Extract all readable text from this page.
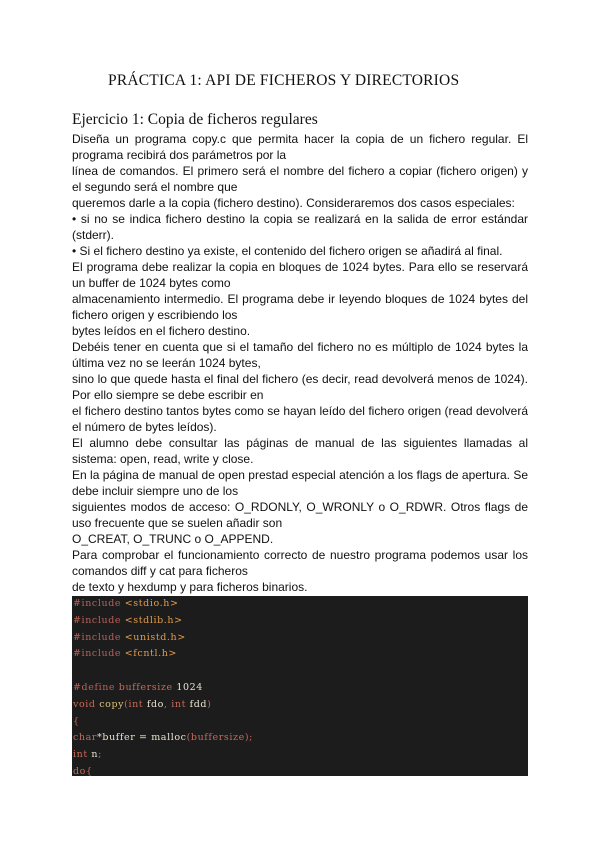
PRÁCTICA 1: API DE FICHEROS Y DIRECTORIOS
Ejercicio 1: Copia de ficheros regulares

Diseña un programa copy.c que permita hacer la copia de un fichero regular. El programa recibirá dos parámetros por la

línea de comandos. El primero será el nombre del fichero a copiar (fichero origen) y el segundo será el nombre que

queremos darle a la copia (fichero destino). Consideraremos dos casos especiales:

• si no se indica fichero destino la copia se realizará en la salida de error estándar (stderr).

• Si el fichero destino ya existe, el contenido del fichero origen se añadirá al final.

El programa debe realizar la copia en bloques de 1024 bytes. Para ello se reservará un buffer de 1024 bytes como

almacenamiento intermedio. El programa debe ir leyendo bloques de 1024 bytes del fichero origen y escribiendo los

bytes leídos en el fichero destino.

Debéis tener en cuenta que si el tamaño del fichero no es múltiplo de 1024 bytes la última vez no se leerán 1024 bytes,

sino lo que quede hasta el final del fichero (es decir, read devolverá menos de 1024). Por ello siempre se debe escribir en

el fichero destino tantos bytes como se hayan leído del fichero origen (read devolverá el número de bytes leídos).

El alumno debe consultar las páginas de manual de las siguientes llamadas al sistema: open, read, write y close.

En la página de manual de open prestad especial atención a los flags de apertura. Se debe incluir siempre uno de los

siguientes modos de acceso: O_RDONLY, O_WRONLY o O_RDWR. Otros flags de uso frecuente que se suelen añadir son

O_CREAT, O_TRUNC o O_APPEND.

Para comprobar el funcionamiento correcto de nuestro programa podemos usar los comandos diff y cat para ficheros

de texto y hexdump y para ficheros binarios.

#include <stdio.h>
#include <stdlib.h>
#include <unistd.h>
#include <fcntl.h>

#define buffersize 1024
void copy(int fdo, int fdd)
{
char*buffer = malloc(buffersize);
int n;
do{
